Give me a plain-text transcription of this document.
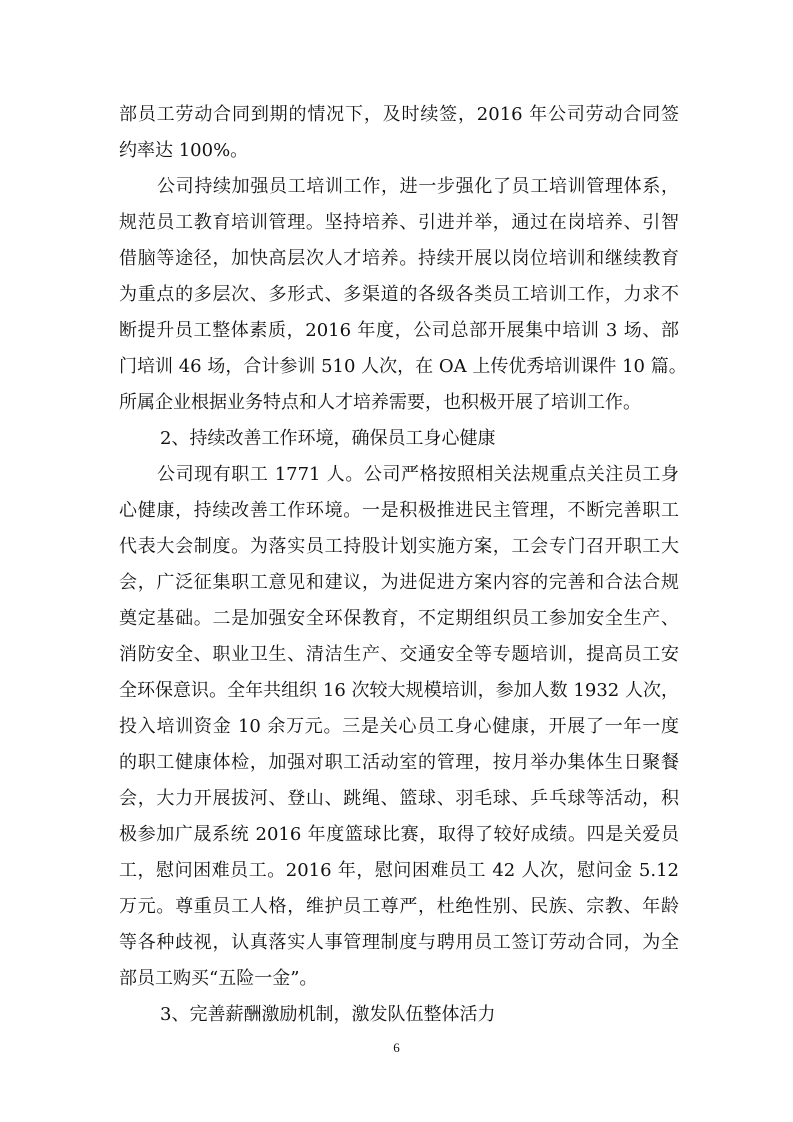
部员工劳动合同到期的情况下，及时续签，2016 年公司劳动合同签
约率达 100%。
公司持续加强员工培训工作，进一步强化了员工培训管理体系，
规范员工教育培训管理。坚持培养、引进并举，通过在岗培养、引智
借脑等途径，加快高层次人才培养。持续开展以岗位培训和继续教育
为重点的多层次、多形式、多渠道的各级各类员工培训工作，力求不
断提升员工整体素质，2016 年度，公司总部开展集中培训 3 场、部
门培训 46 场，合计参训 510 人次，在 OA 上传优秀培训课件 10 篇。
所属企业根据业务特点和人才培养需要，也积极开展了培训工作。
2、持续改善工作环境，确保员工身心健康
公司现有职工 1771 人。公司严格按照相关法规重点关注员工身
心健康，持续改善工作环境。一是积极推进民主管理，不断完善职工
代表大会制度。为落实员工持股计划实施方案，工会专门召开职工大
会，广泛征集职工意见和建议，为进促进方案内容的完善和合法合规
奠定基础。二是加强安全环保教育，不定期组织员工参加安全生产、
消防安全、职业卫生、清洁生产、交通安全等专题培训，提高员工安
全环保意识。全年共组织 16 次较大规模培训，参加人数 1932 人次，
投入培训资金 10 余万元。三是关心员工身心健康，开展了一年一度
的职工健康体检，加强对职工活动室的管理，按月举办集体生日聚餐
会，大力开展拔河、登山、跳绳、篮球、羽毛球、乒乓球等活动，积
极参加广晟系统 2016 年度篮球比赛，取得了较好成绩。四是关爱员
工，慰问困难员工。2016 年，慰问困难员工 42 人次，慰问金 5.12
万元。尊重员工人格，维护员工尊严，杜绝性别、民族、宗教、年龄
等各种歧视，认真落实人事管理制度与聘用员工签订劳动合同，为全
部员工购买“五险一金”。
3、完善薪酬激励机制，激发队伍整体活力
6
